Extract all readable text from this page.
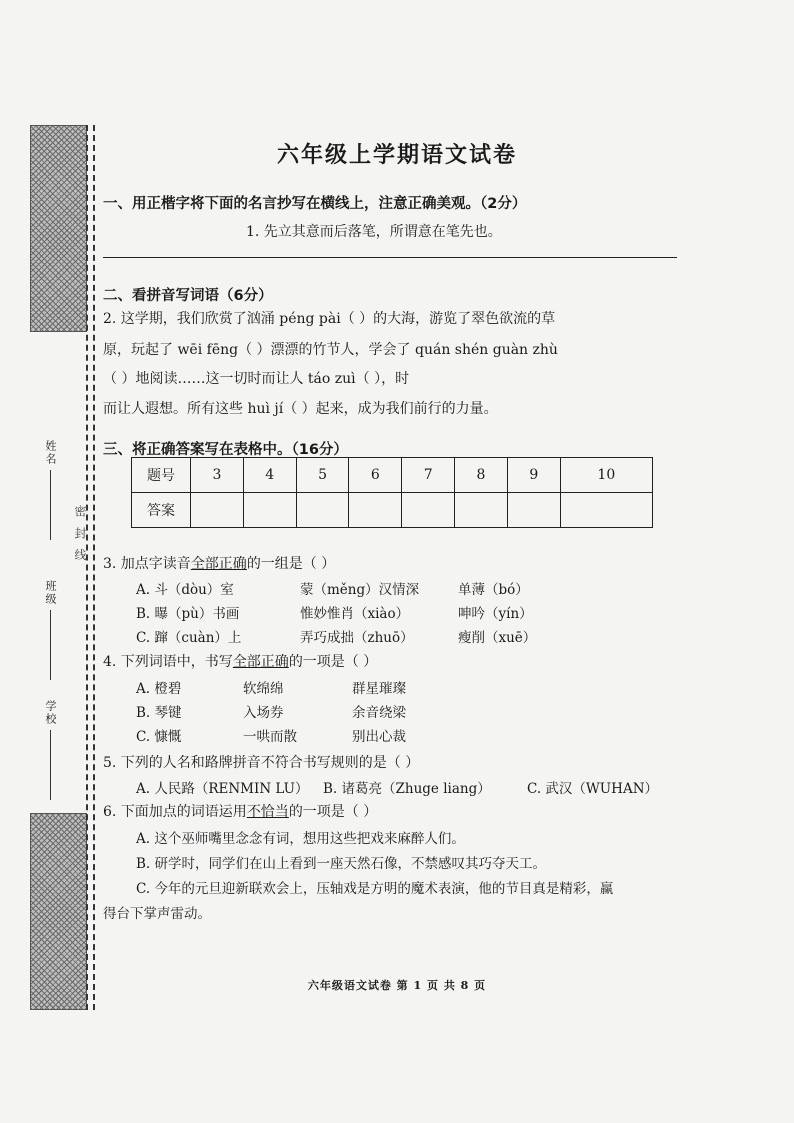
姓名
班级
学校
密 封 线
六年级上学期语文试卷
一、用正楷字将下面的名言抄写在横线上，注意正确美观。（2分）
1. 先立其意而后落笔，所谓意在笔先也。
二、看拼音写词语（6分）
2. 这学期，我们欣赏了汹涌 péng pài（ ）的大海，游览了翠色欲流的草
原，玩起了 wēi fēng（ ）漂漂的竹节人，学会了 quán shén guàn zhù
（ ）地阅读……这一切时而让人 táo zuì（ ），时
而让人遐想。所有这些 huì jí（ ）起来，成为我们前行的力量。
三、将正确答案写在表格中。（16分）
题号	3	4	5	6	7	8	9	10
答案								
3. 加点字读音全部正确的一组是（ ）
A. 斗（dòu）室	蒙（měng）汉情深	单薄（bó）
B. 曝（pù）书画	惟妙惟肖（xiào）	呻吟（yín）
C. 蹿（cuàn）上	弄巧成拙（zhuō）	瘦削（xuē）
4. 下列词语中，书写全部正确的一项是（ ）
A. 橙碧	软绵绵	群星璀璨
B. 琴键	入场券	余音绕梁
C. 慷慨	一哄而散	别出心裁
5. 下列的人名和路牌拼音不符合书写规则的是（ ）
A. 人民路（RENMIN LU） B. 诸葛亮（Zhuge liang）	C. 武汉（WUHAN）
6. 下面加点的词语运用不恰当的一项是（ ）
A. 这个巫师嘴里念念有词，想用这些把戏来麻醉人们。
B. 研学时，同学们在山上看到一座天然石像，不禁感叹其巧夺天工。
C. 今年的元旦迎新联欢会上，压轴戏是方明的魔术表演，他的节目真是精彩，赢
得台下掌声雷动。
六年级语文试卷 第 1 页 共 8 页
